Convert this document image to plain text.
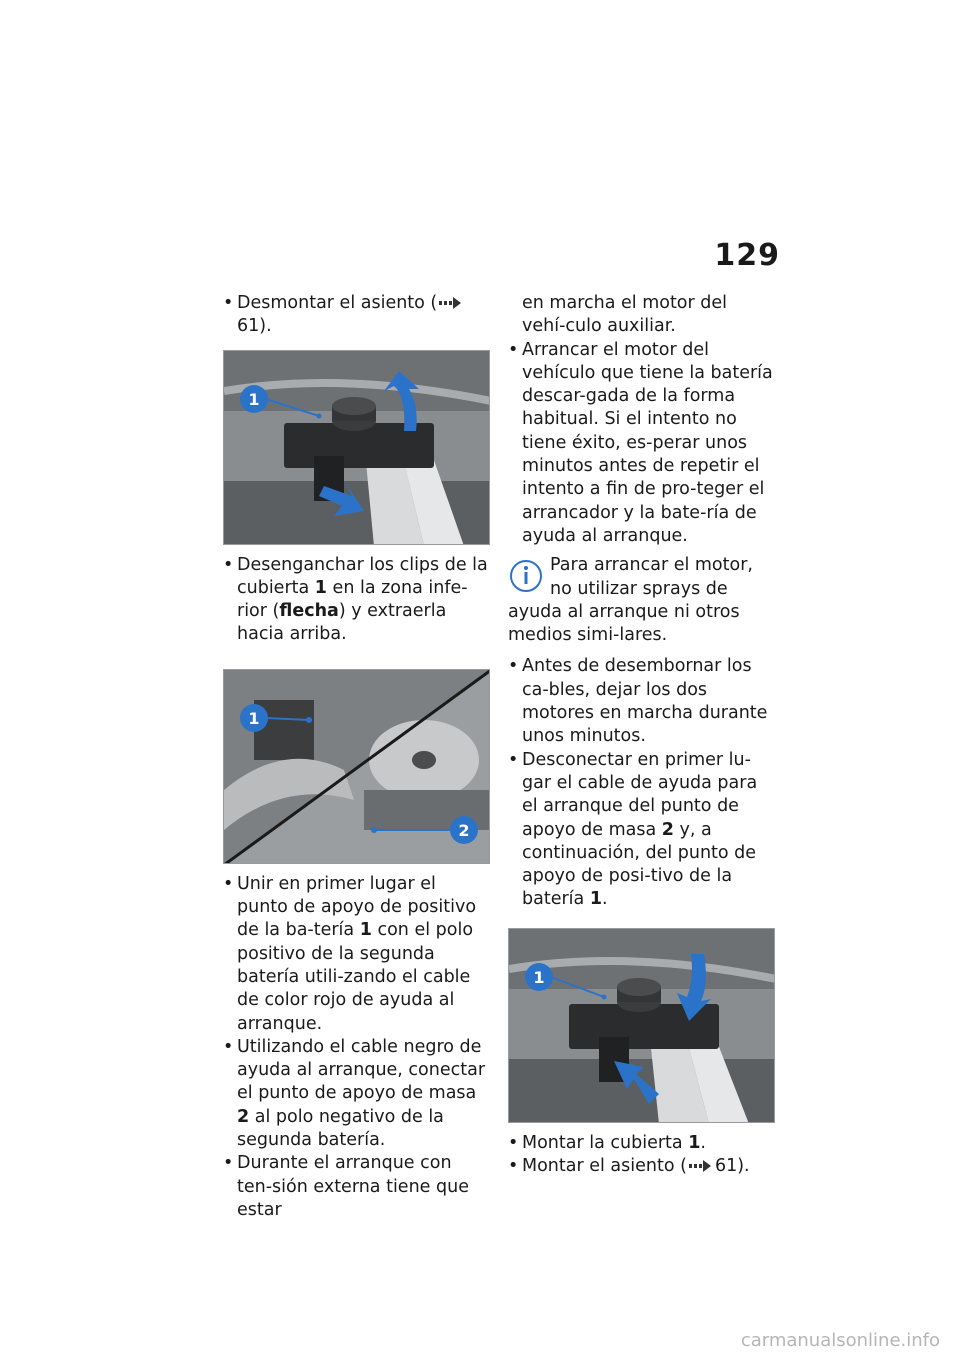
129

• Desmontar el asiento (61).

1

• Desenganchar los clips de la cubierta 1 en la zona infe-rior (flecha) y extraerla hacia arriba.

1
2

• Unir en primer lugar el punto de apoyo de positivo de la ba-tería 1 con el polo positivo de la segunda batería utili-zando el cable de color rojo de ayuda al arranque.

• Utilizando el cable negro de ayuda al arranque, conectar el punto de apoyo de masa 2 al polo negativo de la segunda batería.

• Durante el arranque con ten-sión externa tiene que estar

en marcha el motor del vehí-culo auxiliar.

• Arrancar el motor del vehículo que tiene la batería descar-gada de la forma habitual. Si el intento no tiene éxito, es-perar unos minutos antes de repetir el intento a fin de pro-teger el arrancador y la bate-ría de ayuda al arranque.

Para arrancar el motor, no utilizar sprays de ayuda al arranque ni otros medios simi-lares.

• Antes de desembornar los ca-bles, dejar los dos motores en marcha durante unos minutos.

• Desconectar en primer lu-gar el cable de ayuda para el arranque del punto de apoyo de masa 2 y, a continuación, del punto de apoyo de posi-tivo de la batería 1.

1

• Montar la cubierta 1.

• Montar el asiento ( 61).

carmanualsonline.info
